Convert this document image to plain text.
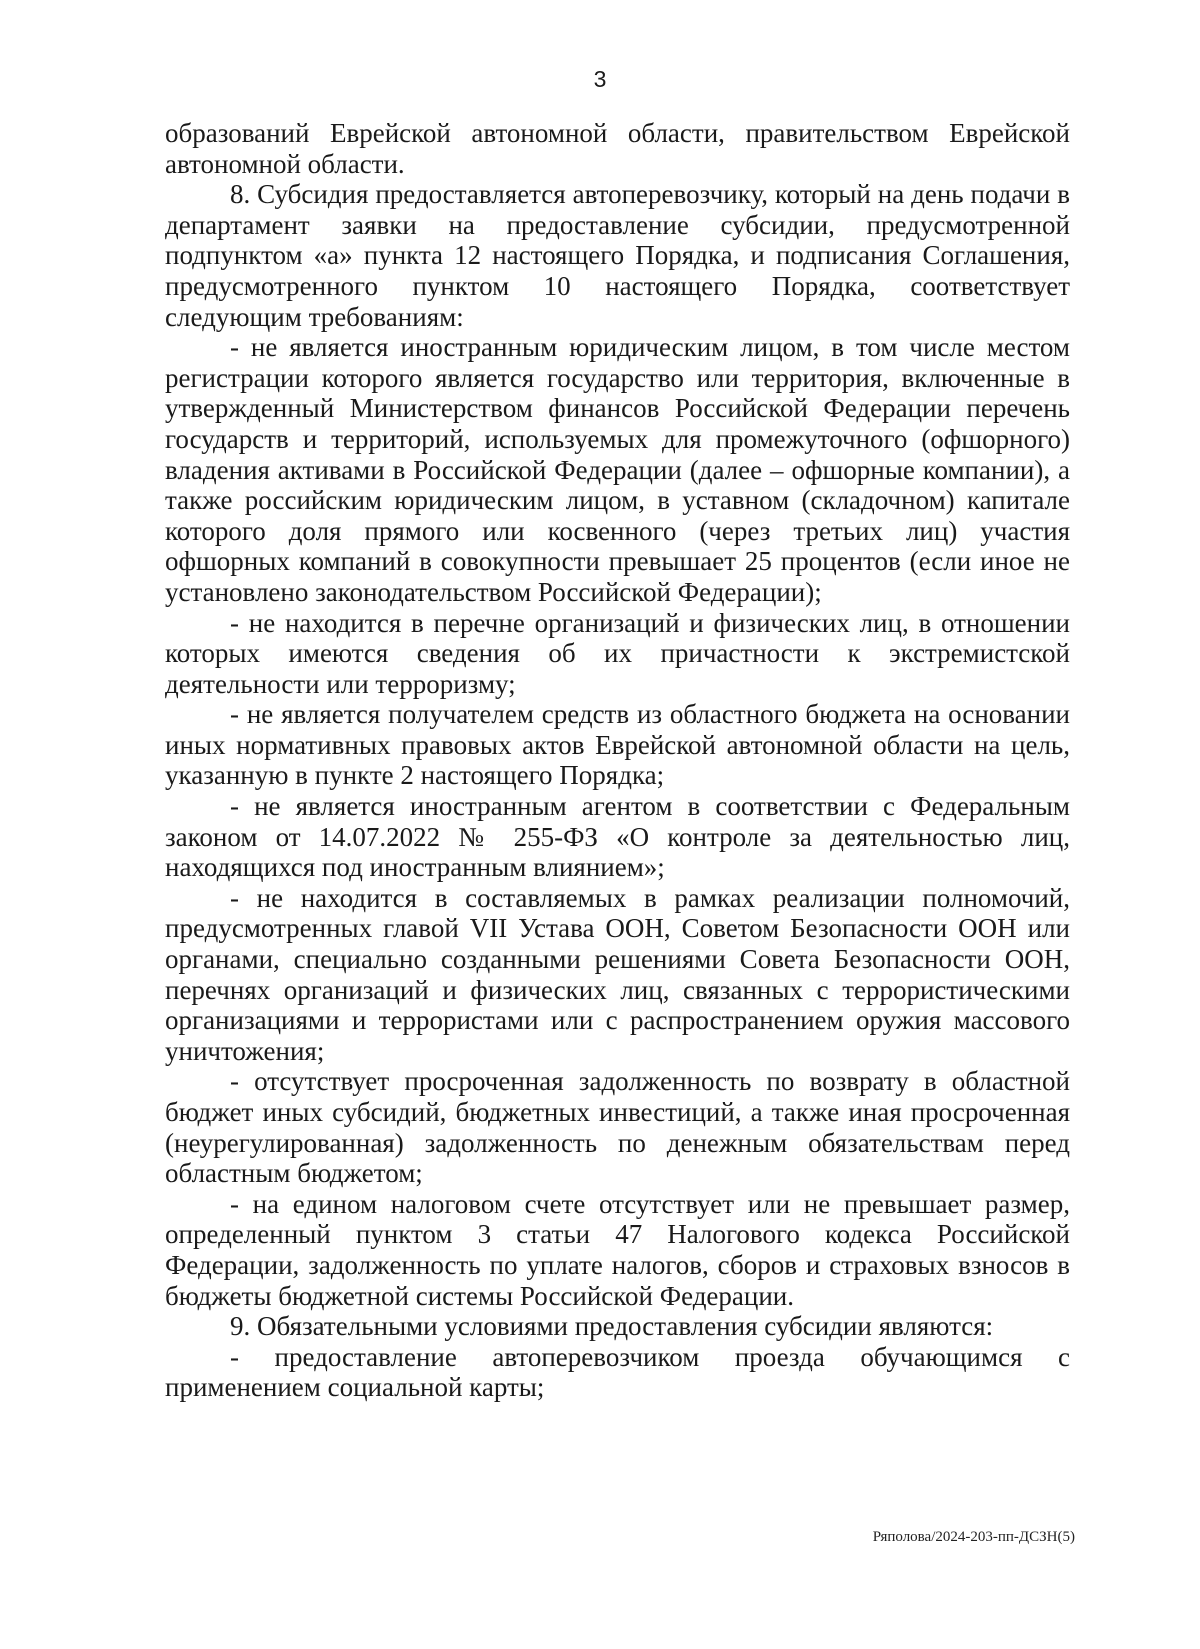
3

образований Еврейской автономной области, правительством Еврейской автономной области.

8. Субсидия предоставляется автоперевозчику, который на день подачи в департамент заявки на предоставление субсидии, предусмотренной подпунктом «а» пункта 12 настоящего Порядка, и подписания Соглашения, предусмотренного пунктом 10 настоящего Порядка, соответствует следующим требованиям:

- не является иностранным юридическим лицом, в том числе местом регистрации которого является государство или территория, включенные в утвержденный Министерством финансов Российской Федерации перечень государств и территорий, используемых для промежуточного (офшорного) владения активами в Российской Федерации (далее – офшорные компании), а также российским юридическим лицом, в уставном (складочном) капитале которого доля прямого или косвенного (через третьих лиц) участия офшорных компаний в совокупности превышает 25 процентов (если иное не установлено законодательством Российской Федерации);

- не находится в перечне организаций и физических лиц, в отношении которых имеются сведения об их причастности к экстремистской деятельности или терроризму;

- не является получателем средств из областного бюджета на основании иных нормативных правовых актов Еврейской автономной области на цель, указанную в пункте 2 настоящего Порядка;

- не является иностранным агентом в соответствии с Федеральным законом от 14.07.2022 № 255-ФЗ «О контроле за деятельностью лиц, находящихся под иностранным влиянием»;

- не находится в составляемых в рамках реализации полномочий, предусмотренных главой VII Устава ООН, Советом Безопасности ООН или органами, специально созданными решениями Совета Безопасности ООН, перечнях организаций и физических лиц, связанных с террористическими организациями и террористами или с распространением оружия массового уничтожения;

- отсутствует просроченная задолженность по возврату в областной бюджет иных субсидий, бюджетных инвестиций, а также иная просроченная (неурегулированная) задолженность по денежным обязательствам перед областным бюджетом;

- на едином налоговом счете отсутствует или не превышает размер, определенный пунктом 3 статьи 47 Налогового кодекса Российской Федерации, задолженность по уплате налогов, сборов и страховых взносов в бюджеты бюджетной системы Российской Федерации.

9. Обязательными условиями предоставления субсидии являются:

- предоставление автоперевозчиком проезда обучающимся с применением социальной карты;

Ряполова/2024-203-пп-ДСЗН(5)
